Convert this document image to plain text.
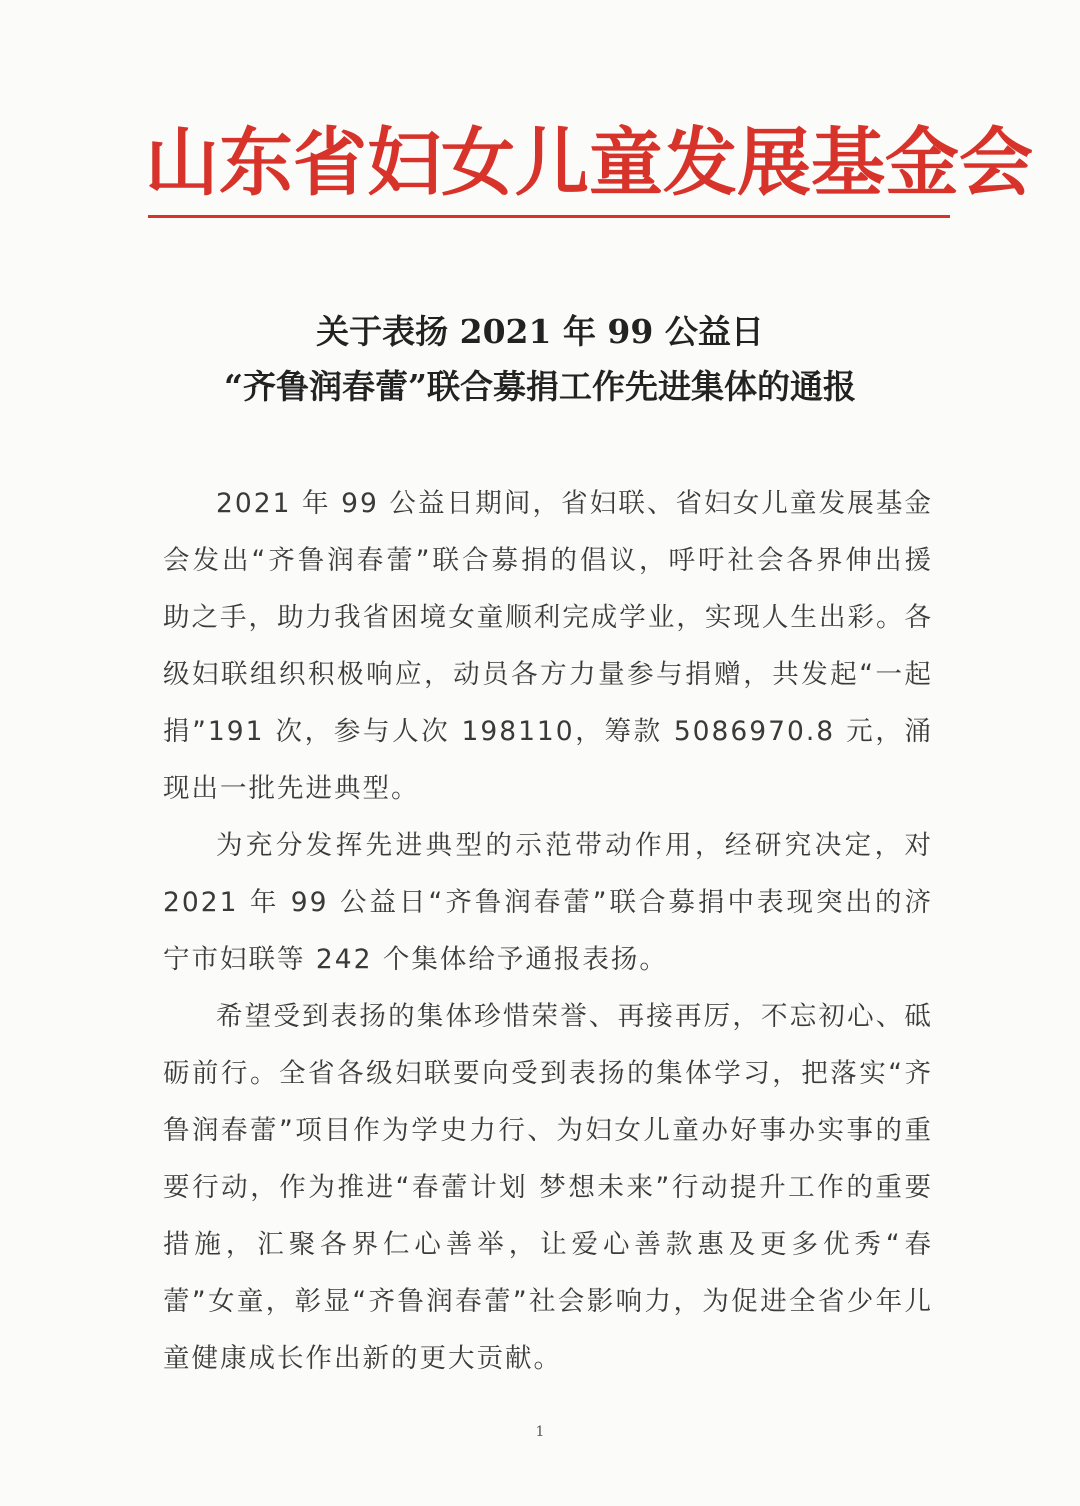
山东省妇女儿童发展基金会
关于表扬 2021 年 99 公益日
“齐鲁润春蕾”联合募捐工作先进集体的通报

2021 年 99 公益日期间，省妇联、省妇女儿童发展基金会发出“齐鲁润春蕾”联合募捐的倡议，呼吁社会各界伸出援助之手，助力我省困境女童顺利完成学业，实现人生出彩。各级妇联组织积极响应，动员各方力量参与捐赠，共发起“一起捐”191 次，参与人次 198110，筹款 5086970.8 元，涌现出一批先进典型。

为充分发挥先进典型的示范带动作用，经研究决定，对 2021 年 99 公益日“齐鲁润春蕾”联合募捐中表现突出的济宁市妇联等 242 个集体给予通报表扬。

希望受到表扬的集体珍惜荣誉、再接再厉，不忘初心、砥砺前行。全省各级妇联要向受到表扬的集体学习，把落实“齐鲁润春蕾”项目作为学史力行、为妇女儿童办好事办实事的重要行动，作为推进“春蕾计划 梦想未来”行动提升工作的重要措施，汇聚各界仁心善举，让爱心善款惠及更多优秀“春蕾”女童，彰显“齐鲁润春蕾”社会影响力，为促进全省少年儿童健康成长作出新的更大贡献。

1
